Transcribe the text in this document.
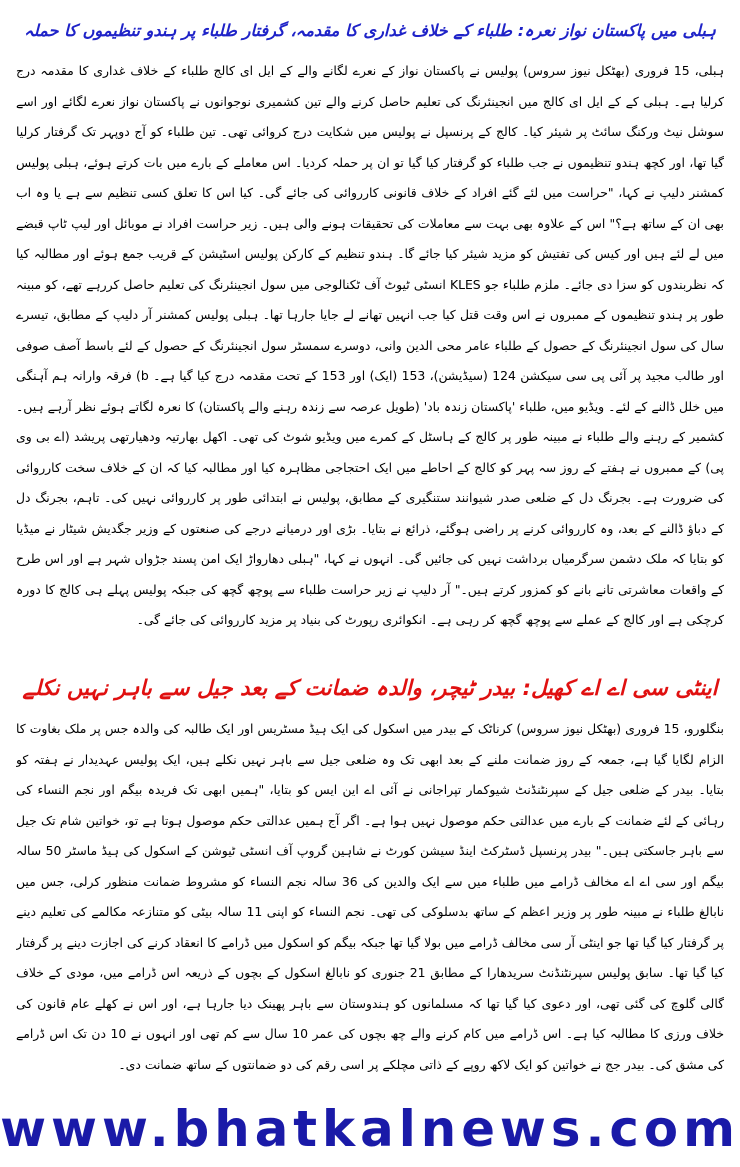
ہبلی میں پاکستان نواز نعرہ: طلباء کے خلاف غداری کا مقدمہ، گرفتار طلباء پر ہندو تنظیموں کا حملہ
ہبلی، 15 فروری (بھٹکل نیوز سروس) پولیس نے پاکستان نواز کے نعرے لگانے والے کے ایل ای کالج طلباء کے خلاف غداری کا مقدمہ درج کرلیا ہے۔ ہبلی کے کے ایل ای کالج میں انجینئرنگ کی تعلیم حاصل کرنے والے تین کشمیری نوجوانوں نے پاکستان نواز نعرے لگائے اور اسے سوشل نیٹ ورکنگ سائٹ پر شیئر کیا۔ کالج کے پرنسپل نے پولیس میں شکایت درج کروائی تھی۔ تین طلباء کو آج دوپہر تک گرفتار کرلیا گیا تھا، اور کچھ ہندو تنظیموں نے جب طلباء کو گرفتار کیا گیا تو ان پر حملہ کردیا۔ اس معاملے کے بارے میں بات کرتے ہوئے، ہبلی پولیس کمشنر دلیپ نے کہا، "حراست میں لئے گئے افراد کے خلاف قانونی کارروائی کی جائے گی۔ کیا اس کا تعلق کسی تنظیم سے ہے یا وہ اب بھی ان کے ساتھ ہے؟" اس کے علاوہ بھی بہت سے معاملات کی تحقیقات ہونے والی ہیں۔ زیر حراست افراد نے موبائل اور لیپ ٹاپ قبضے میں لے لئے ہیں اور کیس کی تفتیش کو مزید شیئر کیا جائے گا۔ ہندو تنظیم کے کارکن پولیس اسٹیشن کے قریب جمع ہوئے اور مطالبہ کیا کہ نظربندوں کو سزا دی جائے۔ ملزم طلباء جو KLES انسٹی ٹیوٹ آف ٹکنالوجی میں سول انجینئرنگ کی تعلیم حاصل کررہے تھے، کو مبینہ طور پر ہندو تنظیموں کے ممبروں نے اس وقت قتل کیا جب انہیں تھانے لے جایا جارہا تھا۔ ہبلی پولیس کمشنر آر دلیپ کے مطابق، تیسرے سال کی سول انجینئرنگ کے حصول کے طلباء عامر محی الدین وانی، دوسرے سمسٹر سول انجینئرنگ کے حصول کے لئے باسط آصف صوفی اور طالب مجید پر آئی پی سی سیکشن 124 (سیڈیشن)، 153 (ایک) اور 153 کے تحت مقدمہ درج کیا گیا ہے۔ b) فرقہ وارانہ ہم آہنگی میں خلل ڈالنے کے لئے۔ ویڈیو میں، طلباء 'پاکستان زندہ باد' (طویل عرصہ سے زندہ رہنے والے پاکستان) کا نعرہ لگاتے ہوئے نظر آرہے ہیں۔ کشمیر کے رہنے والے طلباء نے مبینہ طور پر کالج کے ہاسٹل کے کمرے میں ویڈیو شوٹ کی تھی۔ اکھل بھارتیہ ودھیارتھی پریشد (اے بی وی پی) کے ممبروں نے ہفتے کے روز سہ پہر کو کالج کے احاطے میں ایک احتجاجی مظاہرہ کیا اور مطالبہ کیا کہ ان کے خلاف سخت کارروائی کی ضرورت ہے۔ بجرنگ دل کے ضلعی صدر شیوانند ستنگیری کے مطابق، پولیس نے ابتدائی طور پر کارروائی نہیں کی۔ تاہم، بجرنگ دل کے دباؤ ڈالنے کے بعد، وہ کارروائی کرنے پر راضی ہوگئے، ذرائع نے بتایا۔ بڑی اور درمیانے درجے کی صنعتوں کے وزیر جگدیش شیٹار نے میڈیا کو بتایا کہ ملک دشمن سرگرمیاں برداشت نہیں کی جائیں گی۔ انہوں نے کہا، "ہبلی دھارواڑ ایک امن پسند جڑواں شہر ہے اور اس طرح کے واقعات معاشرتی تانے بانے کو کمزور کرتے ہیں۔" آر دلیپ نے زیر حراست طلباء سے پوچھ گچھ کی جبکہ پولیس پہلے ہی کالج کا دورہ کرچکی ہے اور کالج کے عملے سے پوچھ گچھ کر رہی ہے۔ انکوائری رپورٹ کی بنیاد پر مزید کارروائی کی جائے گی۔
اینٹی سی اے اے کھیل: بیدر ٹیچر، والدہ ضمانت کے بعد جیل سے باہر نہیں نکلے
بنگلورو، 15 فروری (بھٹکل نیوز سروس) کرناٹک کے بیدر میں اسکول کی ایک ہیڈ مسٹریس اور ایک طالبہ کی والدہ جس پر ملک بغاوت کا الزام لگایا گیا ہے، جمعہ کے روز ضمانت ملنے کے بعد ابھی تک وہ ضلعی جیل سے باہر نہیں نکلے ہیں، ایک پولیس عہدیدار نے ہفتہ کو بتایا۔ بیدر کے ضلعی جیل کے سپرنٹنڈنٹ شیوکمار تپراجانی نے آئی اے این ایس کو بتایا، "ہمیں ابھی تک فریدہ بیگم اور نجم النساء کی رہائی کے لئے ضمانت کے بارے میں عدالتی حکم موصول نہیں ہوا ہے۔ اگر آج ہمیں عدالتی حکم موصول ہوتا ہے تو، خواتین شام تک جیل سے باہر جاسکتی ہیں۔" بیدر پرنسپل ڈسٹرکٹ اینڈ سیشن کورٹ نے شاہین گروپ آف انسٹی ٹیوشن کے اسکول کی ہیڈ ماسٹر 50 سالہ بیگم اور سی اے اے مخالف ڈرامے میں طلباء میں سے ایک والدین کی 36 سالہ نجم النساء کو مشروط ضمانت منظور کرلی، جس میں نابالغ طلباء نے مبینہ طور پر وزیر اعظم کے ساتھ بدسلوکی کی تھی۔ نجم النساء کو اپنی 11 سالہ بیٹی کو متنازعہ مکالمے کی تعلیم دینے پر گرفتار کیا گیا تھا جو اینٹی آر سی مخالف ڈرامے میں بولا گیا تھا جبکہ بیگم کو اسکول میں ڈرامے کا انعقاد کرنے کی اجازت دینے پر گرفتار کیا گیا تھا۔ سابق پولیس سپرنٹنڈنٹ سریدھارا کے مطابق 21 جنوری کو نابالغ اسکول کے بچوں کے ذریعہ اس ڈرامے میں، مودی کے خلاف گالی گلوچ کی گئی تھی، اور دعوی کیا گیا تھا کہ مسلمانوں کو ہندوستان سے باہر پھینک دیا جارہا ہے، اور اس نے کھلے عام قانون کی خلاف ورزی کا مطالبہ کیا ہے۔ اس ڈرامے میں کام کرنے والے چھ بچوں کی عمر 10 سال سے کم تھی اور انہوں نے 10 دن تک اس ڈرامے کی مشق کی۔ بیدر جج نے خواتین کو ایک لاکھ روپے کے ذاتی مچلکے پر اسی رقم کی دو ضمانتوں کے ساتھ ضمانت دی۔
www.bhatkalnews.com
